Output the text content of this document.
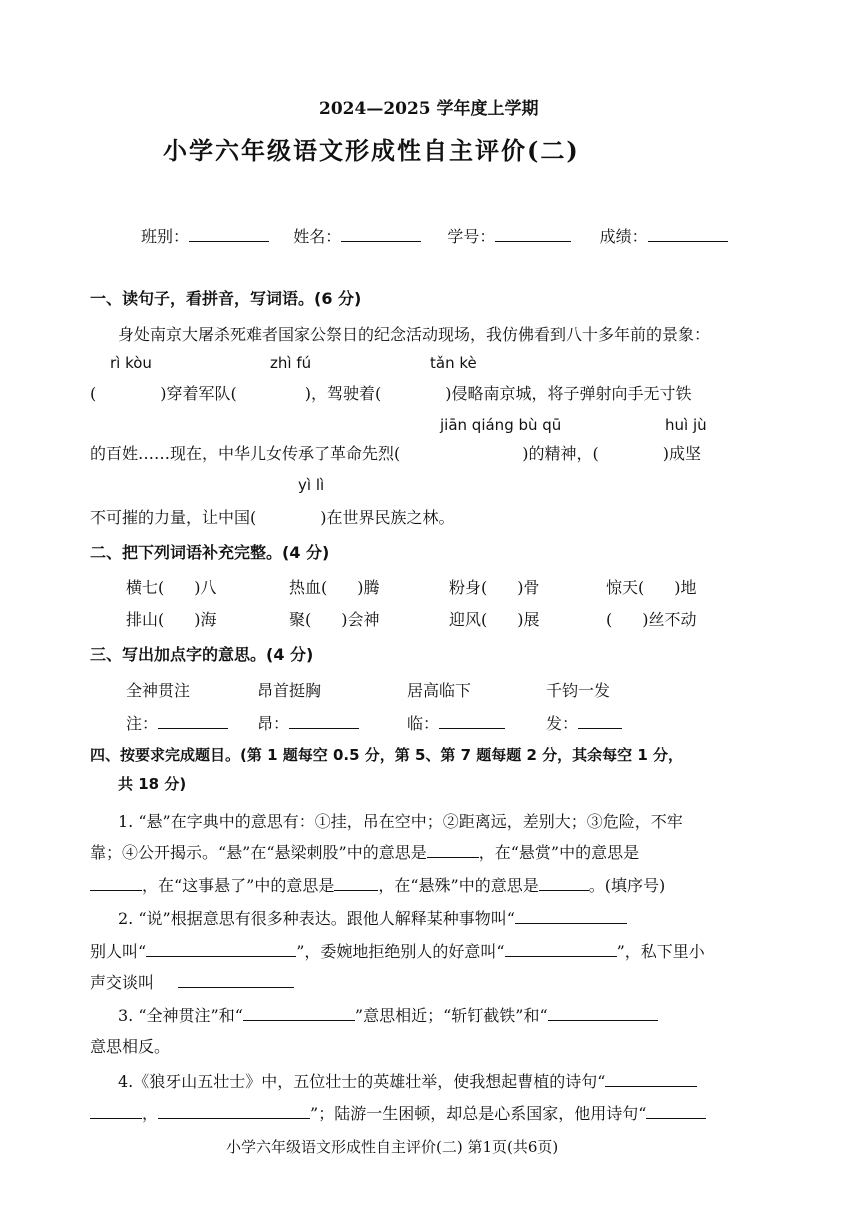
2024—2025 学年度上学期
小学六年级语文形成性自主评价(二)
班别：	姓名：	学号：	成绩：
一、读句子，看拼音，写词语。(6 分)
身处南京大屠杀死难者国家公祭日的纪念活动现场，我仿佛看到八十多年前的景象：
rì kòu	zhì fú	tǎn kè
(	)穿着军队(	)，驾驶着(	)侵略南京城，将子弹射向手无寸铁
jiān qiáng bù qū	huì jù
的百姓……现在，中华儿女传承了革命先烈(	)的精神，(	)成坚
yì lì
不可摧的力量，让中国(	)在世界民族之林。
二、把下列词语补充完整。(4 分)
横七( )八	热血( )腾	粉身( )骨	惊天( )地
排山( )海	聚( )会神	迎风( )展	( )丝不动
三、写出加点字的意思。(4 分)
全神贯注	昂首挺胸	居高临下	千钧一发
注：	昂：	临：	发：
四、按要求完成题目。(第 1 题每空 0.5 分，第 5、第 7 题每题 2 分，其余每空 1 分，
共 18 分)
1. “悬”在字典中的意思有：①挂，吊在空中；②距离远，差别大；③危险，不牢
靠；④公开揭示。“悬”在“悬梁刺股”中的意思是	，在“悬赏”中的意思是
，在“这事悬了”中的意思是	，在“悬殊”中的意思是	。(填序号)
2. “说”根据意思有很多种表达。跟他人解释某种事物叫“
别人叫“	”，委婉地拒绝别人的好意叫“	”，私下里小
声交谈叫
3. “全神贯注”和“	”意思相近；“斩钉截铁”和“
意思相反。
4.《狼牙山五壮士》中，五位壮士的英雄壮举，使我想起曹植的诗句“
，	”；陆游一生困顿，却总是心系国家，他用诗句“
小学六年级语文形成性自主评价(二) 第1页(共6页)
